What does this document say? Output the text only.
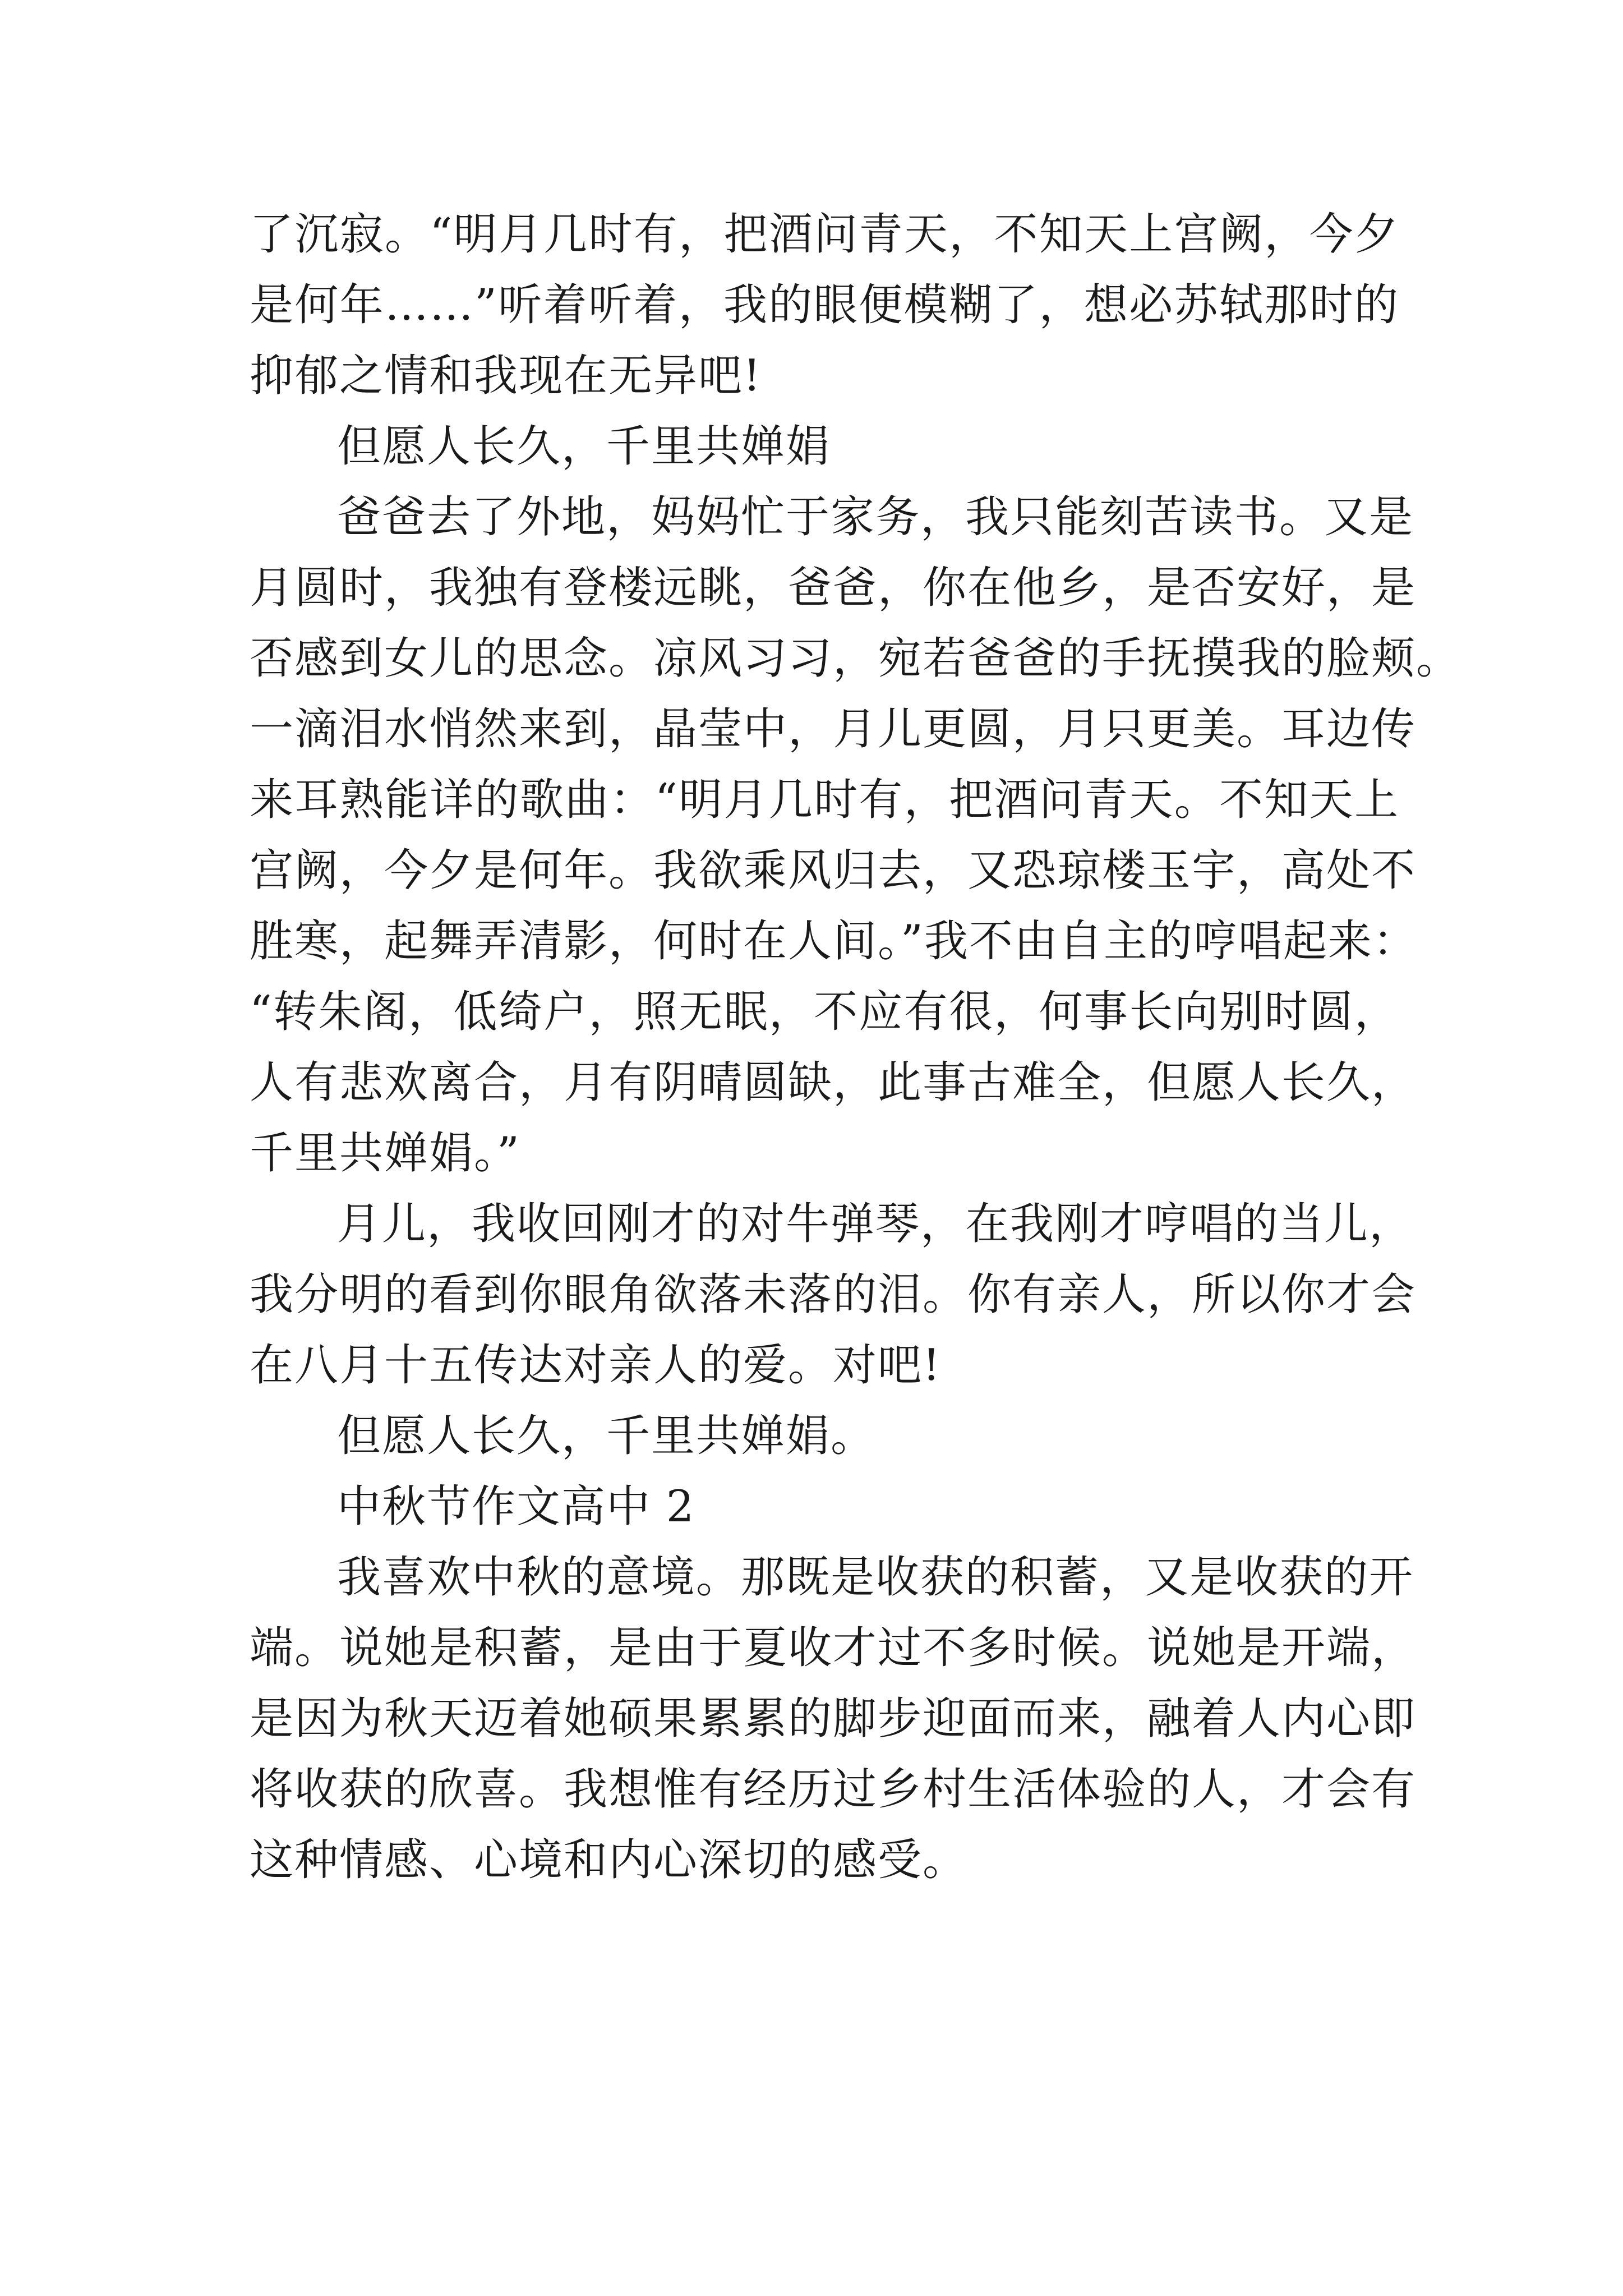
了沉寂。“明月几时有，把酒问青天，不知天上宫阙，今夕
是何年……”听着听着，我的眼便模糊了，想必苏轼那时的
抑郁之情和我现在无异吧!
但愿人长久，千里共婵娟
爸爸去了外地，妈妈忙于家务，我只能刻苦读书。又是
月圆时，我独有登楼远眺，爸爸，你在他乡，是否安好，是
否感到女儿的思念。凉风习习，宛若爸爸的手抚摸我的脸颊。
一滴泪水悄然来到，晶莹中，月儿更圆，月只更美。耳边传
来耳熟能详的歌曲：“明月几时有，把酒问青天。不知天上
宫阙，今夕是何年。我欲乘风归去，又恐琼楼玉宇，高处不
胜寒，起舞弄清影，何时在人间。”我不由自主的哼唱起来：
“转朱阁，低绮户，照无眠，不应有很，何事长向别时圆，
人有悲欢离合，月有阴晴圆缺，此事古难全，但愿人长久，
千里共婵娟。”
月儿，我收回刚才的对牛弹琴，在我刚才哼唱的当儿，
我分明的看到你眼角欲落未落的泪。你有亲人，所以你才会
在八月十五传达对亲人的爱。对吧!
但愿人长久，千里共婵娟。
中秋节作文高中 2
我喜欢中秋的意境。那既是收获的积蓄，又是收获的开
端。说她是积蓄，是由于夏收才过不多时候。说她是开端，
是因为秋天迈着她硕果累累的脚步迎面而来，融着人内心即
将收获的欣喜。我想惟有经历过乡村生活体验的人，才会有
这种情感、心境和内心深切的感受。
